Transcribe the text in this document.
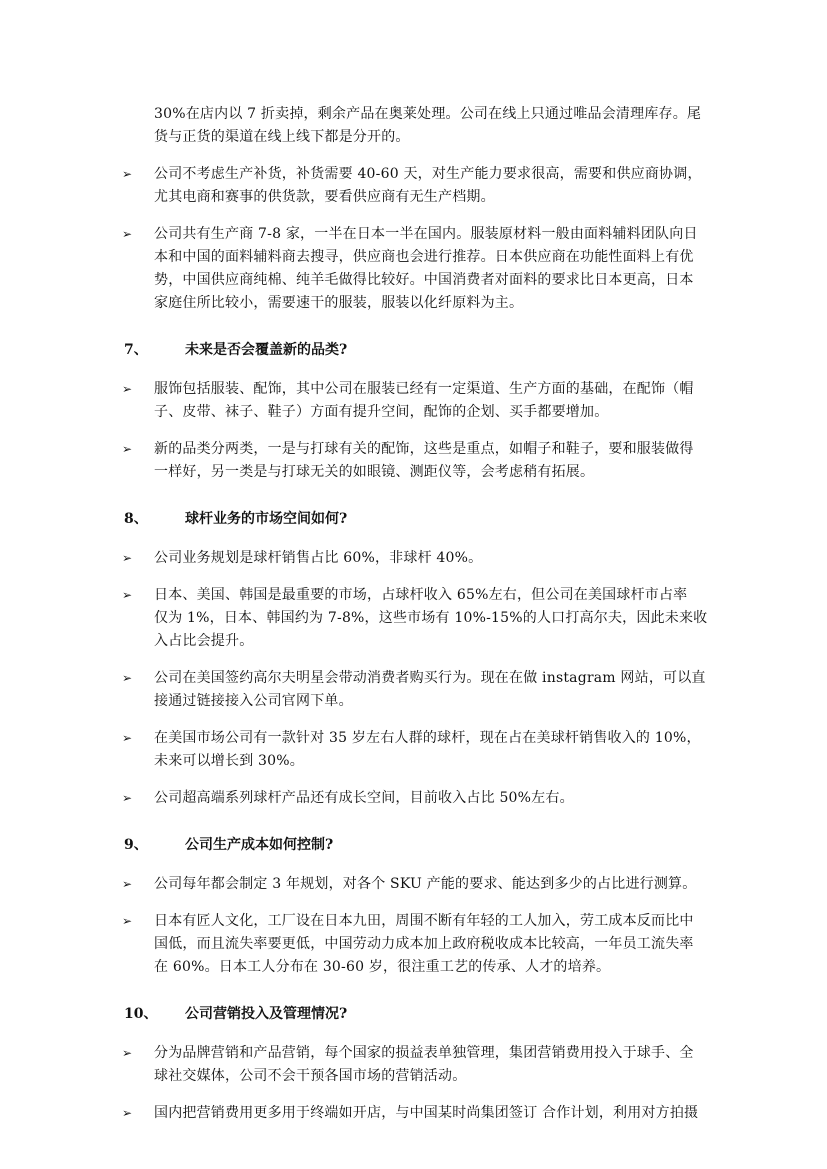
30%在店内以 7 折卖掉，剩余产品在奥莱处理。公司在线上只通过唯品会清理库存。尾
货与正货的渠道在线上线下都是分开的。
➢ 公司不考虑生产补货，补货需要 40-60 天，对生产能力要求很高，需要和供应商协调，
尤其电商和赛事的供货款，要看供应商有无生产档期。
➢ 公司共有生产商 7-8 家，一半在日本一半在国内。服装原材料一般由面料辅料团队向日
本和中国的面料辅料商去搜寻，供应商也会进行推荐。日本供应商在功能性面料上有优
势，中国供应商纯棉、纯羊毛做得比较好。中国消费者对面料的要求比日本更高，日本
家庭住所比较小，需要速干的服装，服装以化纤原料为主。
7、	未来是否会覆盖新的品类?
➢ 服饰包括服装、配饰，其中公司在服装已经有一定渠道、生产方面的基础，在配饰（帽
子、皮带、袜子、鞋子）方面有提升空间，配饰的企划、买手都要增加。
➢ 新的品类分两类，一是与打球有关的配饰，这些是重点，如帽子和鞋子，要和服装做得
一样好，另一类是与打球无关的如眼镜、测距仪等，会考虑稍有拓展。
8、	球杆业务的市场空间如何?
➢ 公司业务规划是球杆销售占比 60%，非球杆 40%。
➢ 日本、美国、韩国是最重要的市场，占球杆收入 65%左右，但公司在美国球杆市占率
仅为 1%，日本、韩国约为 7-8%，这些市场有 10%-15%的人口打高尔夫，因此未来收
入占比会提升。
➢ 公司在美国签约高尔夫明星会带动消费者购买行为。现在在做 instagram 网站，可以直
接通过链接接入公司官网下单。
➢ 在美国市场公司有一款针对 35 岁左右人群的球杆，现在占在美球杆销售收入的 10%，
未来可以增长到 30%。
➢ 公司超高端系列球杆产品还有成长空间，目前收入占比 50%左右。
9、	公司生产成本如何控制?
➢ 公司每年都会制定 3 年规划，对各个 SKU 产能的要求、能达到多少的占比进行测算。
➢ 日本有匠人文化，工厂设在日本九田，周围不断有年轻的工人加入，劳工成本反而比中
国低，而且流失率要更低，中国劳动力成本加上政府税收成本比较高，一年员工流失率
在 60%。日本工人分布在 30-60 岁，很注重工艺的传承、人才的培养。
10、 公司营销投入及管理情况?
➢ 分为品牌营销和产品营销，每个国家的损益表单独管理，集团营销费用投入于球手、全
球社交媒体，公司不会干预各国市场的营销活动。
➢ 国内把营销费用更多用于终端如开店，与中国某时尚集团签订 合作计划，利用对方拍摄
